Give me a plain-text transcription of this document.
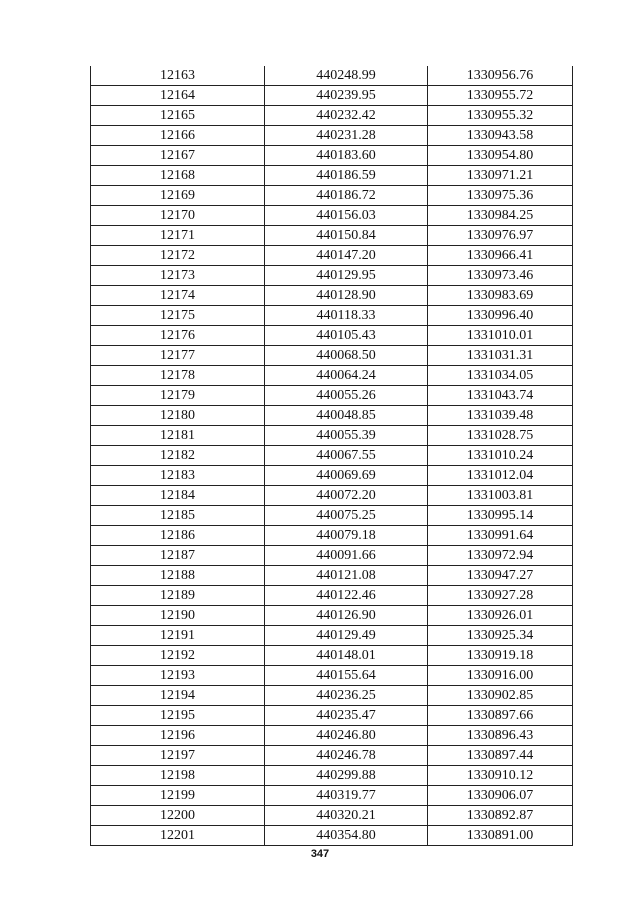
12163	440248.99	1330956.76
12164	440239.95	1330955.72
12165	440232.42	1330955.32
12166	440231.28	1330943.58
12167	440183.60	1330954.80
12168	440186.59	1330971.21
12169	440186.72	1330975.36
12170	440156.03	1330984.25
12171	440150.84	1330976.97
12172	440147.20	1330966.41
12173	440129.95	1330973.46
12174	440128.90	1330983.69
12175	440118.33	1330996.40
12176	440105.43	1331010.01
12177	440068.50	1331031.31
12178	440064.24	1331034.05
12179	440055.26	1331043.74
12180	440048.85	1331039.48
12181	440055.39	1331028.75
12182	440067.55	1331010.24
12183	440069.69	1331012.04
12184	440072.20	1331003.81
12185	440075.25	1330995.14
12186	440079.18	1330991.64
12187	440091.66	1330972.94
12188	440121.08	1330947.27
12189	440122.46	1330927.28
12190	440126.90	1330926.01
12191	440129.49	1330925.34
12192	440148.01	1330919.18
12193	440155.64	1330916.00
12194	440236.25	1330902.85
12195	440235.47	1330897.66
12196	440246.80	1330896.43
12197	440246.78	1330897.44
12198	440299.88	1330910.12
12199	440319.77	1330906.07
12200	440320.21	1330892.87
12201	440354.80	1330891.00
347
